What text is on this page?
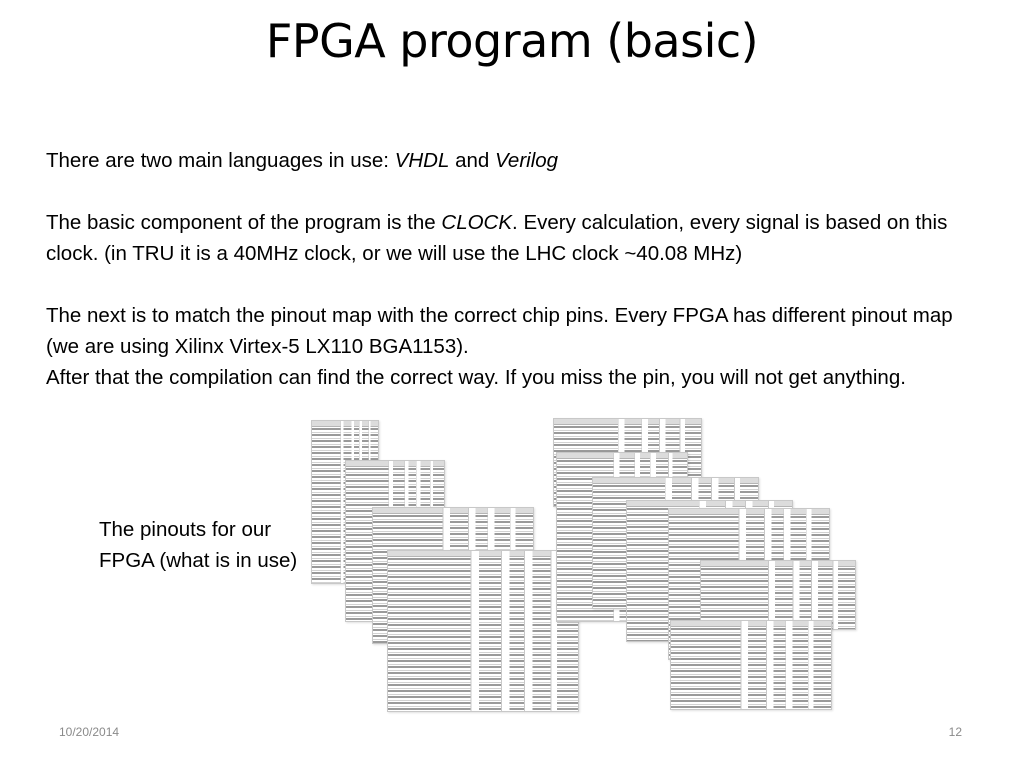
FPGA program (basic)

There are two main languages in use: VHDL and Verilog

The basic component of the program is the CLOCK. Every calculation, every signal is based on this clock. (in TRU it is a 40MHz clock, or we will use the LHC clock ~40.08 MHz)

The next is to match the pinout map with the correct chip pins. Every FPGA has different pinout map (we are using Xilinx Virtex-5 LX110 BGA1153).

After that the compilation can find the correct way. If you miss the pin, you will not get anything.

The pinouts for our FPGA (what is in use)
10/20/2014	12
